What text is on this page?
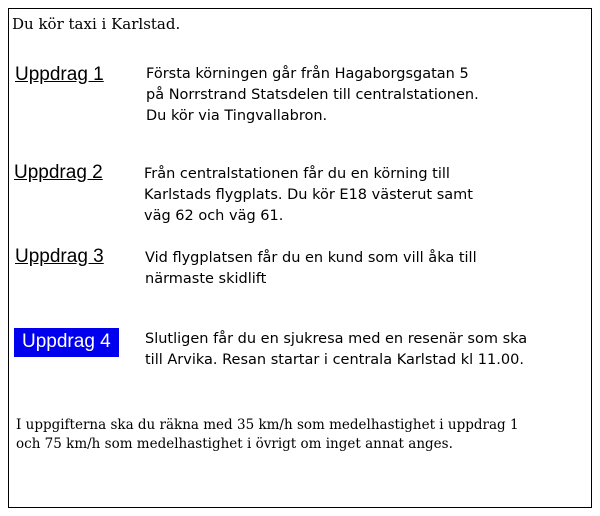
Du kör taxi i Karlstad.
Uppdrag 1	Första körningen går från Hagaborgsgatan 5
på Norrstrand Statsdelen till centralstationen.
Du kör via Tingvallabron.
Uppdrag 2	Från centralstationen får du en körning till
Karlstads flygplats. Du kör E18 västerut samt
väg 62 och väg 61.
Uppdrag 3	Vid flygplatsen får du en kund som vill åka till
närmaste skidlift
Uppdrag 4	Slutligen får du en sjukresa med en resenär som ska
till Arvika. Resan startar i centrala Karlstad kl 11.00.
I uppgifterna ska du räkna med 35 km/h som medelhastighet i uppdrag 1
och 75 km/h som medelhastighet i övrigt om inget annat anges.
